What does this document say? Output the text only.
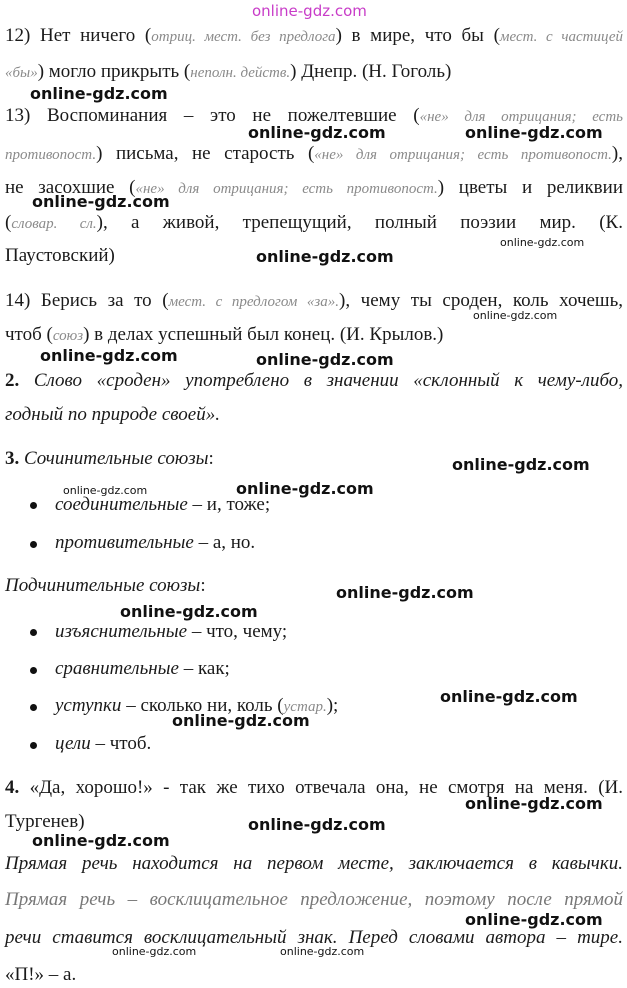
online-gdz.com
12) Нет ничего (отриц. мест. без предлога) в мире, что бы (мест. с частицей
«бы») могло прикрыть (неполн. действ.) Днепр. (Н. Гоголь)
online-gdz.com
13) Воспоминания – это не пожелтевшие («не» для отрицания; есть
online-gdz.com	online-gdz.com
противопост.) письма, не старость («не» для отрицания; есть противопост.),
не засохшие («не» для отрицания; есть противопост.) цветы и реликвии
online-gdz.com
(словар. сл.), а живой, трепещущий, полный поэзии мир. (К.
online-gdz.com
Паустовский)	online-gdz.com
14) Берись за то (мест. с предлогом «за».), чему ты сроден, коль хочешь,
online-gdz.com
чтоб (союз) в делах успешный был конец. (И. Крылов.)
online-gdz.com	online-gdz.com
2. Слово «сроден» употреблено в значении «склонный к чему-либо,
годный по природе своей».
3. Сочинительные союзы:	online-gdz.com
online-gdz.com	online-gdz.com
соединительные – и, тоже;
противительные – а, но.
Подчинительные союзы:	online-gdz.com
online-gdz.com
изъяснительные – что, чему;
сравнительные – как;
online-gdz.com
уступки – сколько ни, коль (устар.);
online-gdz.com
цели – чтоб.
4. «Да, хорошо!» - так же тихо отвечала она, не смотря на меня. (И.
online-gdz.com
Тургенев)	online-gdz.com
online-gdz.com
Прямая речь находится на первом месте, заключается в кавычки.
Прямая речь – восклицательное предложение, поэтому после прямой
online-gdz.com
речи ставится восклицательный знак. Перед словами автора – тире.
online-gdz.com	online-gdz.com
«П!» – а.
